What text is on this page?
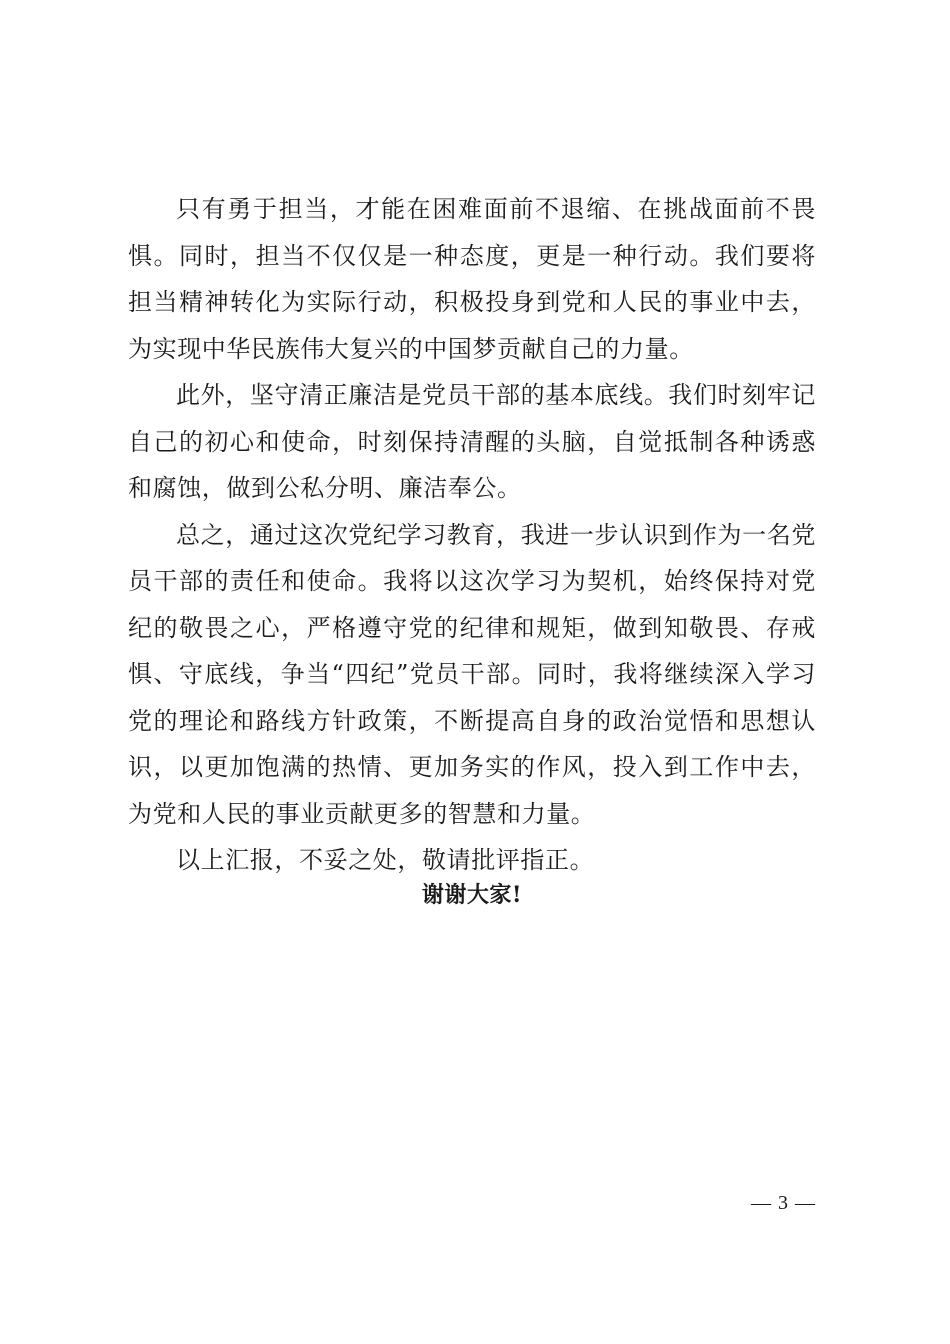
只有勇于担当，才能在困难面前不退缩、在挑战面前不畏惧。同时，担当不仅仅是一种态度，更是一种行动。我们要将担当精神转化为实际行动，积极投身到党和人民的事业中去，为实现中华民族伟大复兴的中国梦贡献自己的力量。

此外，坚守清正廉洁是党员干部的基本底线。我们时刻牢记自己的初心和使命，时刻保持清醒的头脑，自觉抵制各种诱惑和腐蚀，做到公私分明、廉洁奉公。

总之，通过这次党纪学习教育，我进一步认识到作为一名党员干部的责任和使命。我将以这次学习为契机，始终保持对党纪的敬畏之心，严格遵守党的纪律和规矩，做到知敬畏、存戒惧、守底线，争当“四纪”党员干部。同时，我将继续深入学习党的理论和路线方针政策，不断提高自身的政治觉悟和思想认识，以更加饱满的热情、更加务实的作风，投入到工作中去，为党和人民的事业贡献更多的智慧和力量。

以上汇报，不妥之处，敬请批评指正。

谢谢大家!
— 3 —
